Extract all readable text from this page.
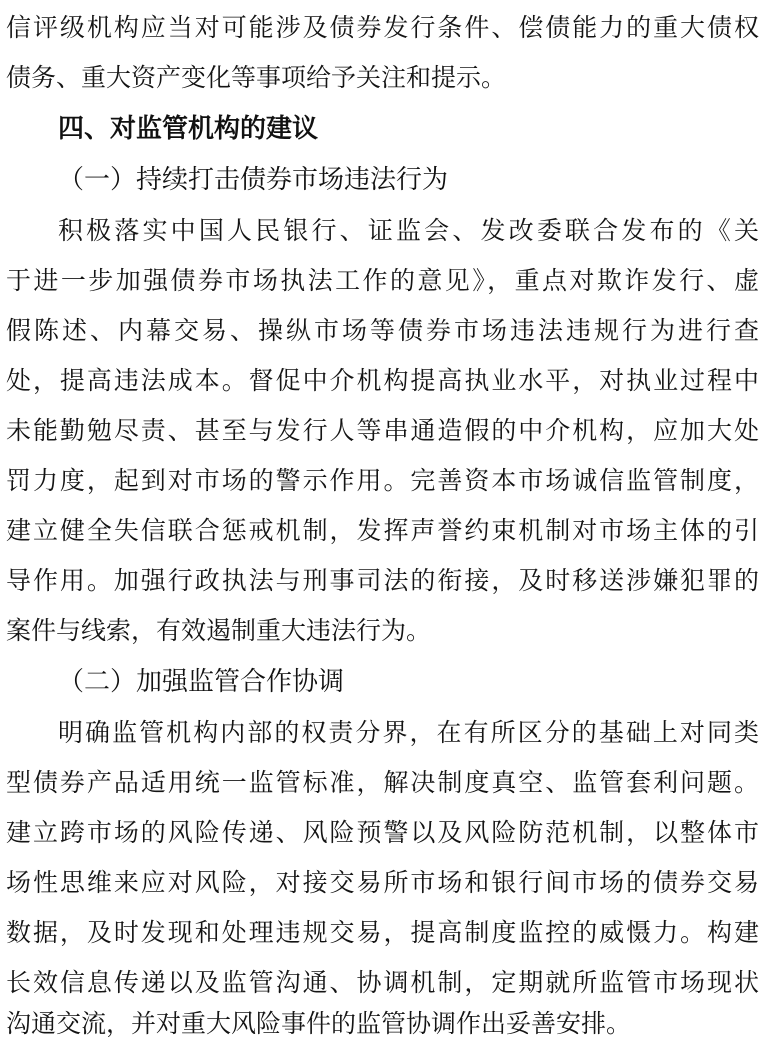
信评级机构应当对可能涉及债券发行条件、偿债能力的重大债权
债务、重大资产变化等事项给予关注和提示。
四、对监管机构的建议
（一）持续打击债券市场违法行为
积极落实中国人民银行、证监会、发改委联合发布的《关
于进一步加强债券市场执法工作的意见》，重点对欺诈发行、虚
假陈述、内幕交易、操纵市场等债券市场违法违规行为进行查
处，提高违法成本。督促中介机构提高执业水平，对执业过程中
未能勤勉尽责、甚至与发行人等串通造假的中介机构，应加大处
罚力度，起到对市场的警示作用。完善资本市场诚信监管制度，
建立健全失信联合惩戒机制，发挥声誉约束机制对市场主体的引
导作用。加强行政执法与刑事司法的衔接，及时移送涉嫌犯罪的
案件与线索，有效遏制重大违法行为。
（二）加强监管合作协调
明确监管机构内部的权责分界，在有所区分的基础上对同类
型债券产品适用统一监管标准，解决制度真空、监管套利问题。
建立跨市场的风险传递、风险预警以及风险防范机制，以整体市
场性思维来应对风险，对接交易所市场和银行间市场的债券交易
数据，及时发现和处理违规交易，提高制度监控的威慑力。构建
长效信息传递以及监管沟通、协调机制，定期就所监管市场现状
沟通交流，并对重大风险事件的监管协调作出妥善安排。
